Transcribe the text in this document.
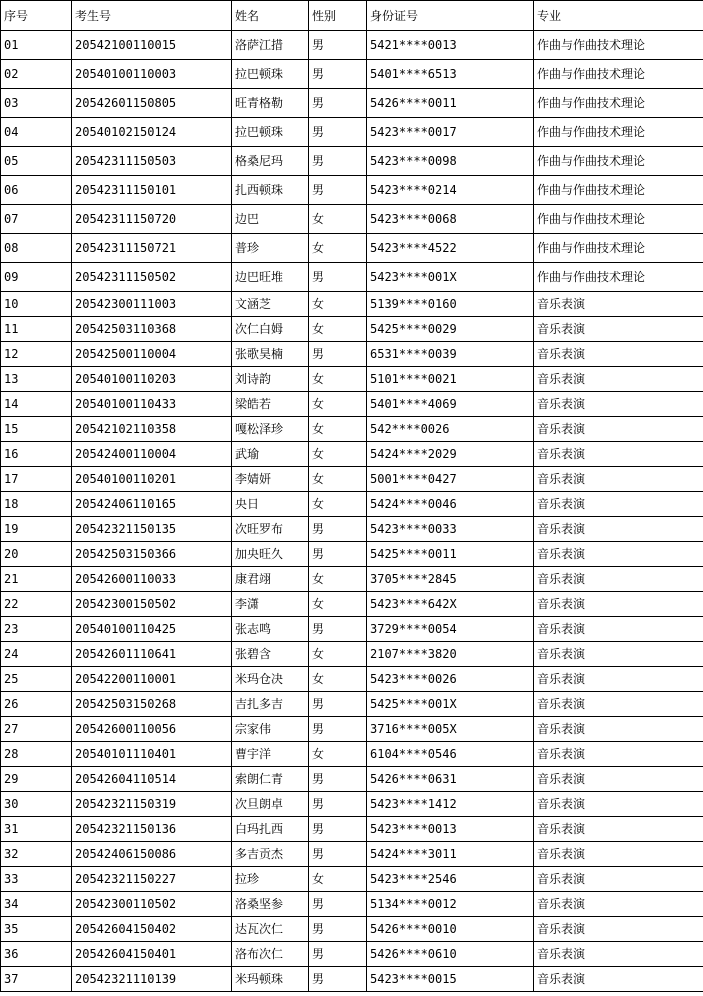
序号	考生号	姓名	性别	身份证号	专业
01	20542100110015	洛萨江措	男	5421****0013	作曲与作曲技术理论
02	20540100110003	拉巴顿珠	男	5401****6513	作曲与作曲技术理论
03	20542601150805	旺青格勒	男	5426****0011	作曲与作曲技术理论
04	20540102150124	拉巴顿珠	男	5423****0017	作曲与作曲技术理论
05	20542311150503	格桑尼玛	男	5423****0098	作曲与作曲技术理论
06	20542311150101	扎西顿珠	男	5423****0214	作曲与作曲技术理论
07	20542311150720	边巴	女	5423****0068	作曲与作曲技术理论
08	20542311150721	普珍	女	5423****4522	作曲与作曲技术理论
09	20542311150502	边巴旺堆	男	5423****001X	作曲与作曲技术理论
10	20542300111003	文涵芝	女	5139****0160	音乐表演
11	20542503110368	次仁白姆	女	5425****0029	音乐表演
12	20542500110004	张歌昊楠	男	6531****0039	音乐表演
13	20540100110203	刘诗韵	女	5101****0021	音乐表演
14	20540100110433	梁皓若	女	5401****4069	音乐表演
15	20542102110358	嘎松泽珍	女	542****0026	音乐表演
16	20542400110004	武瑜	女	5424****2029	音乐表演
17	20540100110201	李婧妍	女	5001****0427	音乐表演
18	20542406110165	央日	女	5424****0046	音乐表演
19	20542321150135	次旺罗布	男	5423****0033	音乐表演
20	20542503150366	加央旺久	男	5425****0011	音乐表演
21	20542600110033	康君翊	女	3705****2845	音乐表演
22	20542300150502	李潇	女	5423****642X	音乐表演
23	20540100110425	张志鸣	男	3729****0054	音乐表演
24	20542601110641	张碧含	女	2107****3820	音乐表演
25	20542200110001	米玛仓决	女	5423****0026	音乐表演
26	20542503150268	吉扎多吉	男	5425****001X	音乐表演
27	20542600110056	宗家伟	男	3716****005X	音乐表演
28	20540101110401	曹宇洋	女	6104****0546	音乐表演
29	20542604110514	索朗仁青	男	5426****0631	音乐表演
30	20542321150319	次旦朗卓	男	5423****1412	音乐表演
31	20542321150136	白玛扎西	男	5423****0013	音乐表演
32	20542406150086	多吉贡杰	男	5424****3011	音乐表演
33	20542321150227	拉珍	女	5423****2546	音乐表演
34	20542300110502	洛桑坚参	男	5134****0012	音乐表演
35	20542604150402	达瓦次仁	男	5426****0010	音乐表演
36	20542604150401	洛布次仁	男	5426****0610	音乐表演
37	20542321110139	米玛顿珠	男	5423****0015	音乐表演
